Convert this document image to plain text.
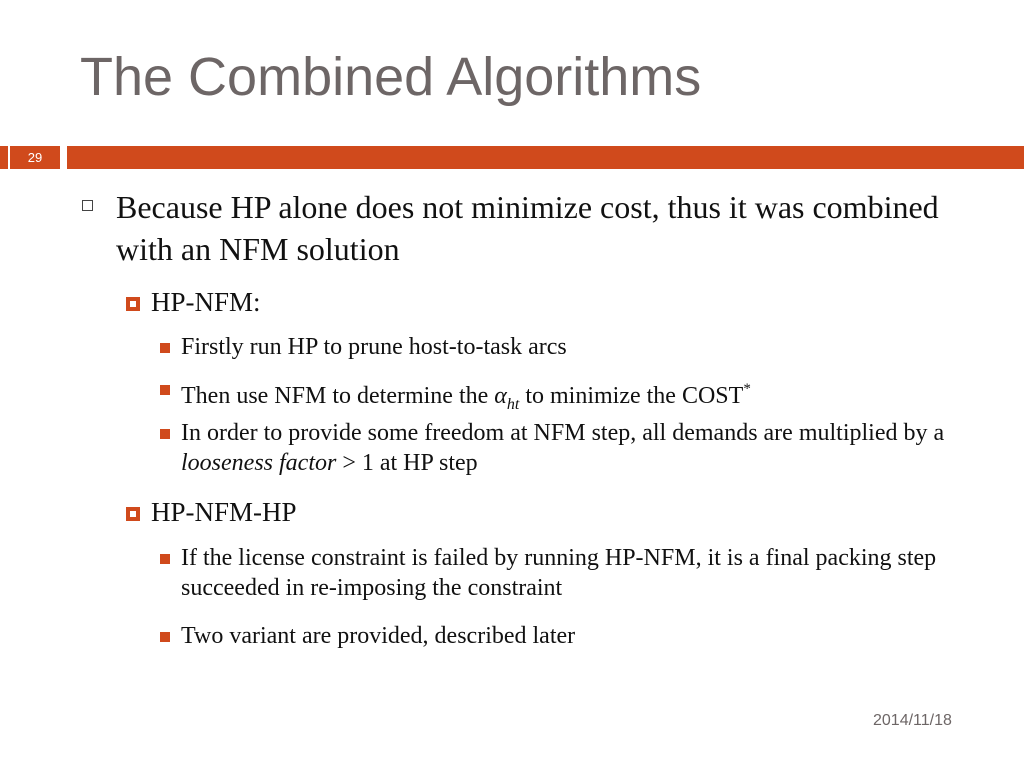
The Combined Algorithms
29
Because HP alone does not minimize cost, thus it was combined with an NFM solution
HP-NFM:
Firstly run HP to prune host-to-task arcs
Then use NFM to determine the $\alpha_{ht}$ to minimize the COST*
In order to provide some freedom at NFM step, all demands are multiplied by a looseness factor > 1 at HP step
HP-NFM-HP
If the license constraint is failed by running HP-NFM, it is a final packing step succeeded in re-imposing the constraint
Two variant are provided, described later
2014/11/18
